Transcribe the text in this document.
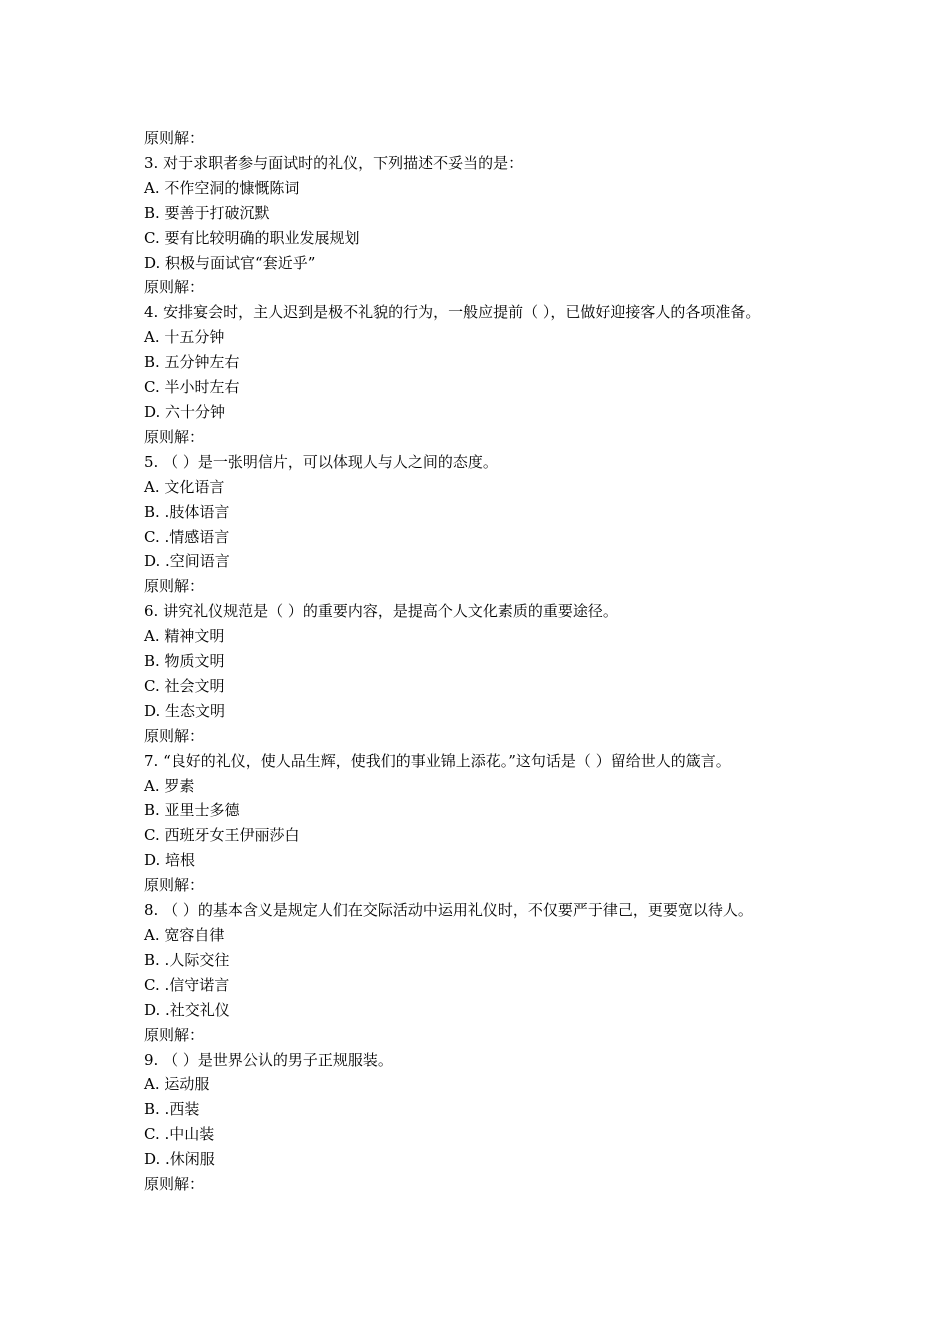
原则解：
3. 对于求职者参与面试时的礼仪，下列描述不妥当的是：
A. 不作空洞的慷慨陈词
B. 要善于打破沉默
C. 要有比较明确的职业发展规划
D. 积极与面试官“套近乎”
原则解：
4. 安排宴会时，主人迟到是极不礼貌的行为，一般应提前（ ），已做好迎接客人的各项准备。
A. 十五分钟
B. 五分钟左右
C. 半小时左右
D. 六十分钟
原则解：
5. （ ）是一张明信片，可以体现人与人之间的态度。
A. 文化语言
B. .肢体语言
C. .情感语言
D. .空间语言
原则解：
6. 讲究礼仪规范是（ ）的重要内容，是提高个人文化素质的重要途径。
A. 精神文明
B. 物质文明
C. 社会文明
D. 生态文明
原则解：
7. “良好的礼仪，使人品生辉，使我们的事业锦上添花。”这句话是（ ）留给世人的箴言。
A. 罗素
B. 亚里士多德
C. 西班牙女王伊丽莎白
D. 培根
原则解：
8. （ ）的基本含义是规定人们在交际活动中运用礼仪时，不仅要严于律己，更要宽以待人。
A. 宽容自律
B. .人际交往
C. .信守诺言
D. .社交礼仪
原则解：
9. （ ）是世界公认的男子正规服装。
A. 运动服
B. .西装
C. .中山装
D. .休闲服
原则解：
